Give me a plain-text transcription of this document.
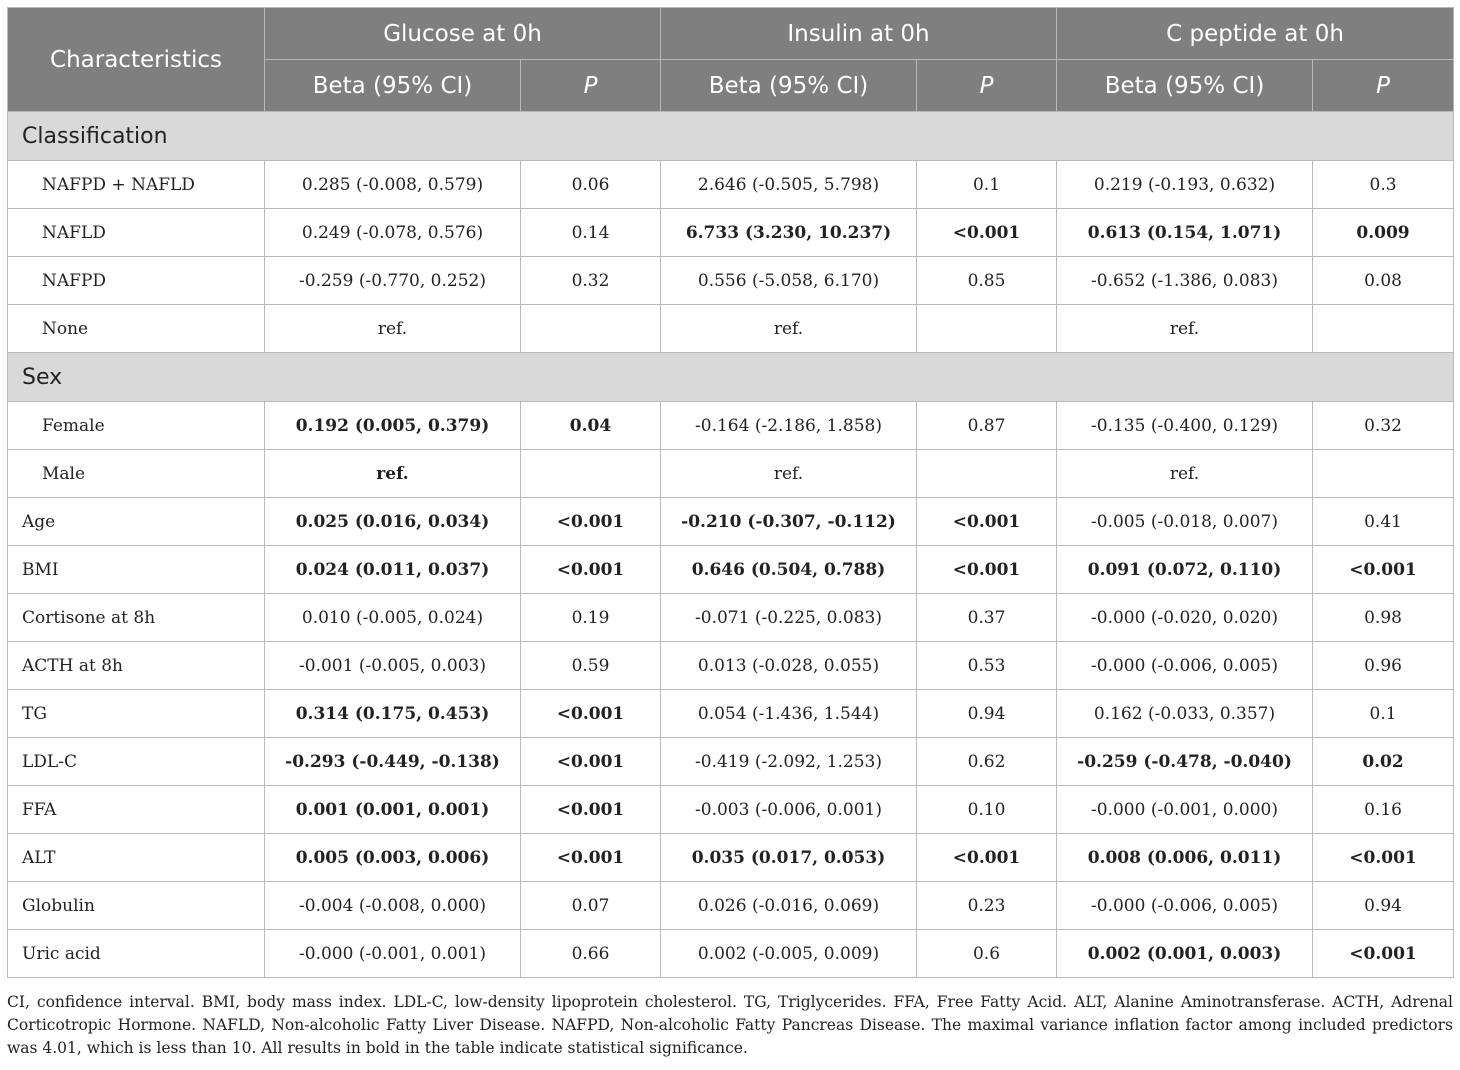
Characteristics	Glucose at 0h		Insulin at 0h		C peptide at 0h	
	Beta (95% CI)	P	Beta (95% CI)	P	Beta (95% CI)	P
Classification						
NAFPD + NAFLD	0.285 (-0.008, 0.579)	0.06	2.646 (-0.505, 5.798)	0.1	0.219 (-0.193, 0.632)	0.3
NAFLD	0.249 (-0.078, 0.576)	0.14	6.733 (3.230, 10.237)	<0.001	0.613 (0.154, 1.071)	0.009
NAFPD	-0.259 (-0.770, 0.252)	0.32	0.556 (-5.058, 6.170)	0.85	-0.652 (-1.386, 0.083)	0.08
None	ref.		ref.		ref.	
Sex						
Female	0.192 (0.005, 0.379)	0.04	-0.164 (-2.186, 1.858)	0.87	-0.135 (-0.400, 0.129)	0.32
Male	ref.		ref.		ref.	
Age	0.025 (0.016, 0.034)	<0.001	-0.210 (-0.307, -0.112)	<0.001	-0.005 (-0.018, 0.007)	0.41
BMI	0.024 (0.011, 0.037)	<0.001	0.646 (0.504, 0.788)	<0.001	0.091 (0.072, 0.110)	<0.001
Cortisone at 8h	0.010 (-0.005, 0.024)	0.19	-0.071 (-0.225, 0.083)	0.37	-0.000 (-0.020, 0.020)	0.98
ACTH at 8h	-0.001 (-0.005, 0.003)	0.59	0.013 (-0.028, 0.055)	0.53	-0.000 (-0.006, 0.005)	0.96
TG	0.314 (0.175, 0.453)	<0.001	0.054 (-1.436, 1.544)	0.94	0.162 (-0.033, 0.357)	0.1
LDL-C	-0.293 (-0.449, -0.138)	<0.001	-0.419 (-2.092, 1.253)	0.62	-0.259 (-0.478, -0.040)	0.02
FFA	0.001 (0.001, 0.001)	<0.001	-0.003 (-0.006, 0.001)	0.10	-0.000 (-0.001, 0.000)	0.16
ALT	0.005 (0.003, 0.006)	<0.001	0.035 (0.017, 0.053)	<0.001	0.008 (0.006, 0.011)	<0.001
Globulin	-0.004 (-0.008, 0.000)	0.07	0.026 (-0.016, 0.069)	0.23	-0.000 (-0.006, 0.005)	0.94
Uric acid	-0.000 (-0.001, 0.001)	0.66	0.002 (-0.005, 0.009)	0.6	0.002 (0.001, 0.003)	<0.001
CI, confidence interval. BMI, body mass index. LDL-C, low-density lipoprotein cholesterol. TG, Triglycerides. FFA, Free Fatty Acid. ALT, Alanine Aminotransferase. ACTH, Adrenal Corticotropic Hormone. NAFLD, Non-alcoholic Fatty Liver Disease. NAFPD, Non-alcoholic Fatty Pancreas Disease. The maximal variance inflation factor among included predictors was 4.01, which is less than 10. All results in bold in the table indicate statistical significance.
